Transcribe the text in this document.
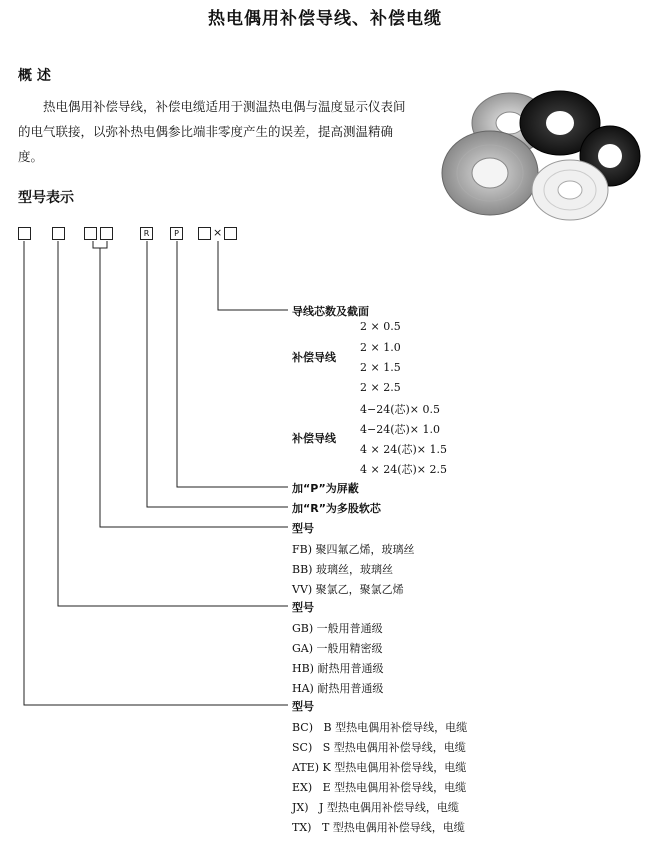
热电偶用补偿导线、补偿电缆
概 述
热电偶用补偿导线，补偿电缆适用于测温热电偶与温度显示仪表间的电气联接，以弥补热电偶参比端非零度产生的误差，提高测温精确度。
型号表示
R	P	×
导线芯数及截面
补偿导线
2 × 0.5
2 × 1.0
2 × 1.5
2 × 2.5
补偿导线
4−24(芯)× 0.5
4−24(芯)× 1.0
4 × 24(芯)× 1.5
4 × 24(芯)× 2.5
加“P”为屏蔽
加“R”为多股软芯
型号
FB) 聚四氟乙烯，玻璃丝
BB) 玻璃丝，玻璃丝
VV) 聚氯乙，聚氯乙烯
型号
GB) 一般用普通级
GA) 一般用精密级
HB) 耐热用普通级
HA) 耐热用普通级
型号
BC)   B 型热电偶用补偿导线，电缆
SC)   S 型热电偶用补偿导线，电缆
ATE) K 型热电偶用补偿导线，电缆
EX)   E 型热电偶用补偿导线，电缆
JX)   J 型热电偶用补偿导线，电缆
TX)   T 型热电偶用补偿导线，电缆
